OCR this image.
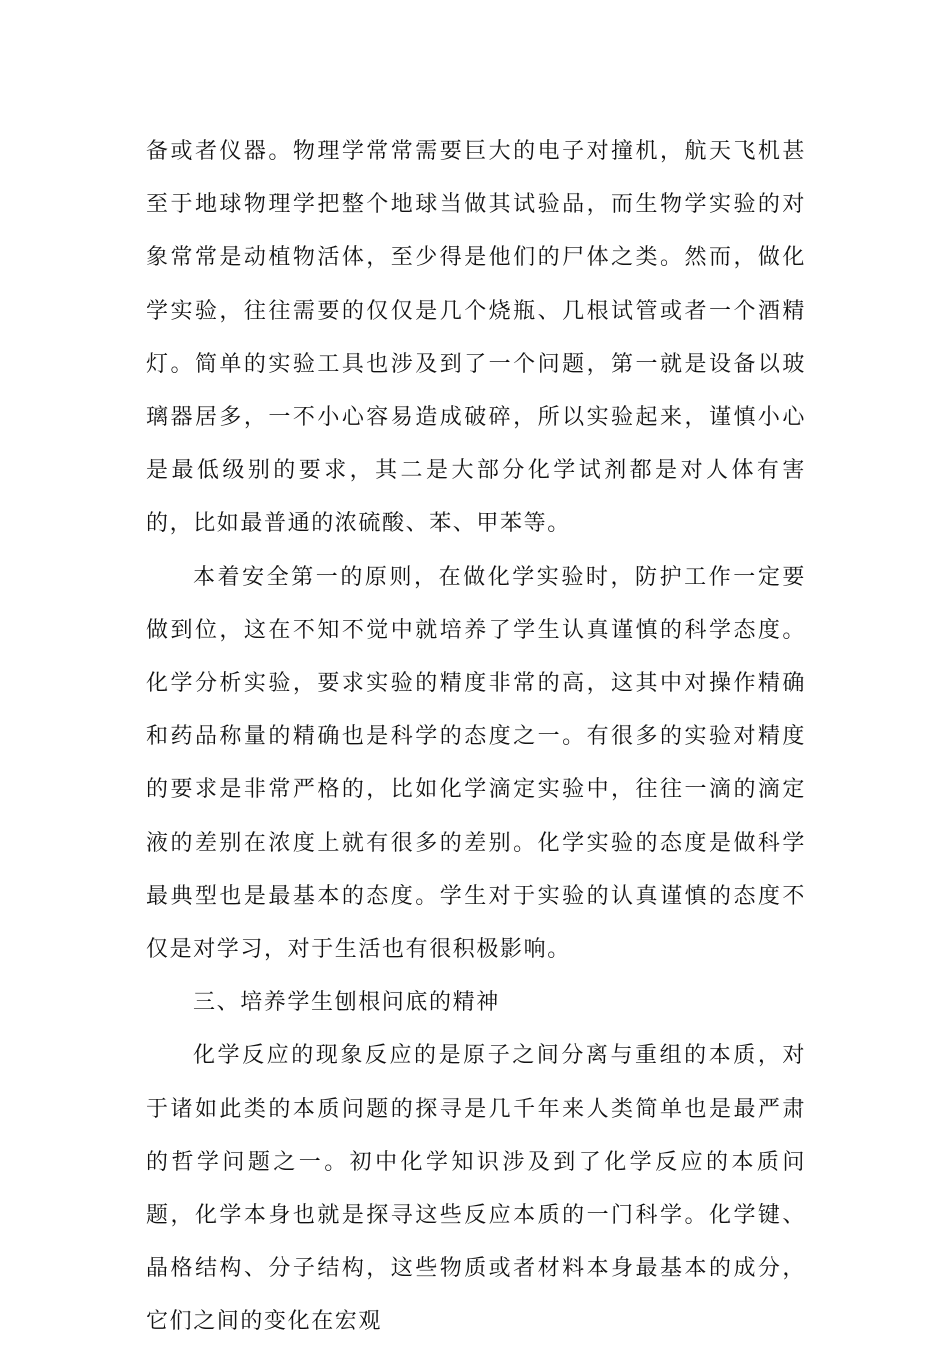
备或者仪器。物理学常常需要巨大的电子对撞机，航天飞机甚至于地球物理学把整个地球当做其试验品，而生物学实验的对象常常是动植物活体，至少得是他们的尸体之类。然而，做化学实验，往往需要的仅仅是几个烧瓶、几根试管或者一个酒精灯。简单的实验工具也涉及到了一个问题，第一就是设备以玻璃器居多，一不小心容易造成破碎，所以实验起来，谨慎小心是最低级别的要求，其二是大部分化学试剂都是对人体有害的，比如最普通的浓硫酸、苯、甲苯等。

本着安全第一的原则，在做化学实验时，防护工作一定要做到位，这在不知不觉中就培养了学生认真谨慎的科学态度。化学分析实验，要求实验的精度非常的高，这其中对操作精确和药品称量的精确也是科学的态度之一。有很多的实验对精度的要求是非常严格的，比如化学滴定实验中，往往一滴的滴定液的差别在浓度上就有很多的差别。化学实验的态度是做科学最典型也是最基本的态度。学生对于实验的认真谨慎的态度不仅是对学习，对于生活也有很积极影响。

三、培养学生刨根问底的精神

化学反应的现象反应的是原子之间分离与重组的本质，对于诸如此类的本质问题的探寻是几千年来人类简单也是最严肃的哲学问题之一。初中化学知识涉及到了化学反应的本质问题，化学本身也就是探寻这些反应本质的一门科学。化学键、晶格结构、分子结构，这些物质或者材料本身最基本的成分，它们之间的变化在宏观
